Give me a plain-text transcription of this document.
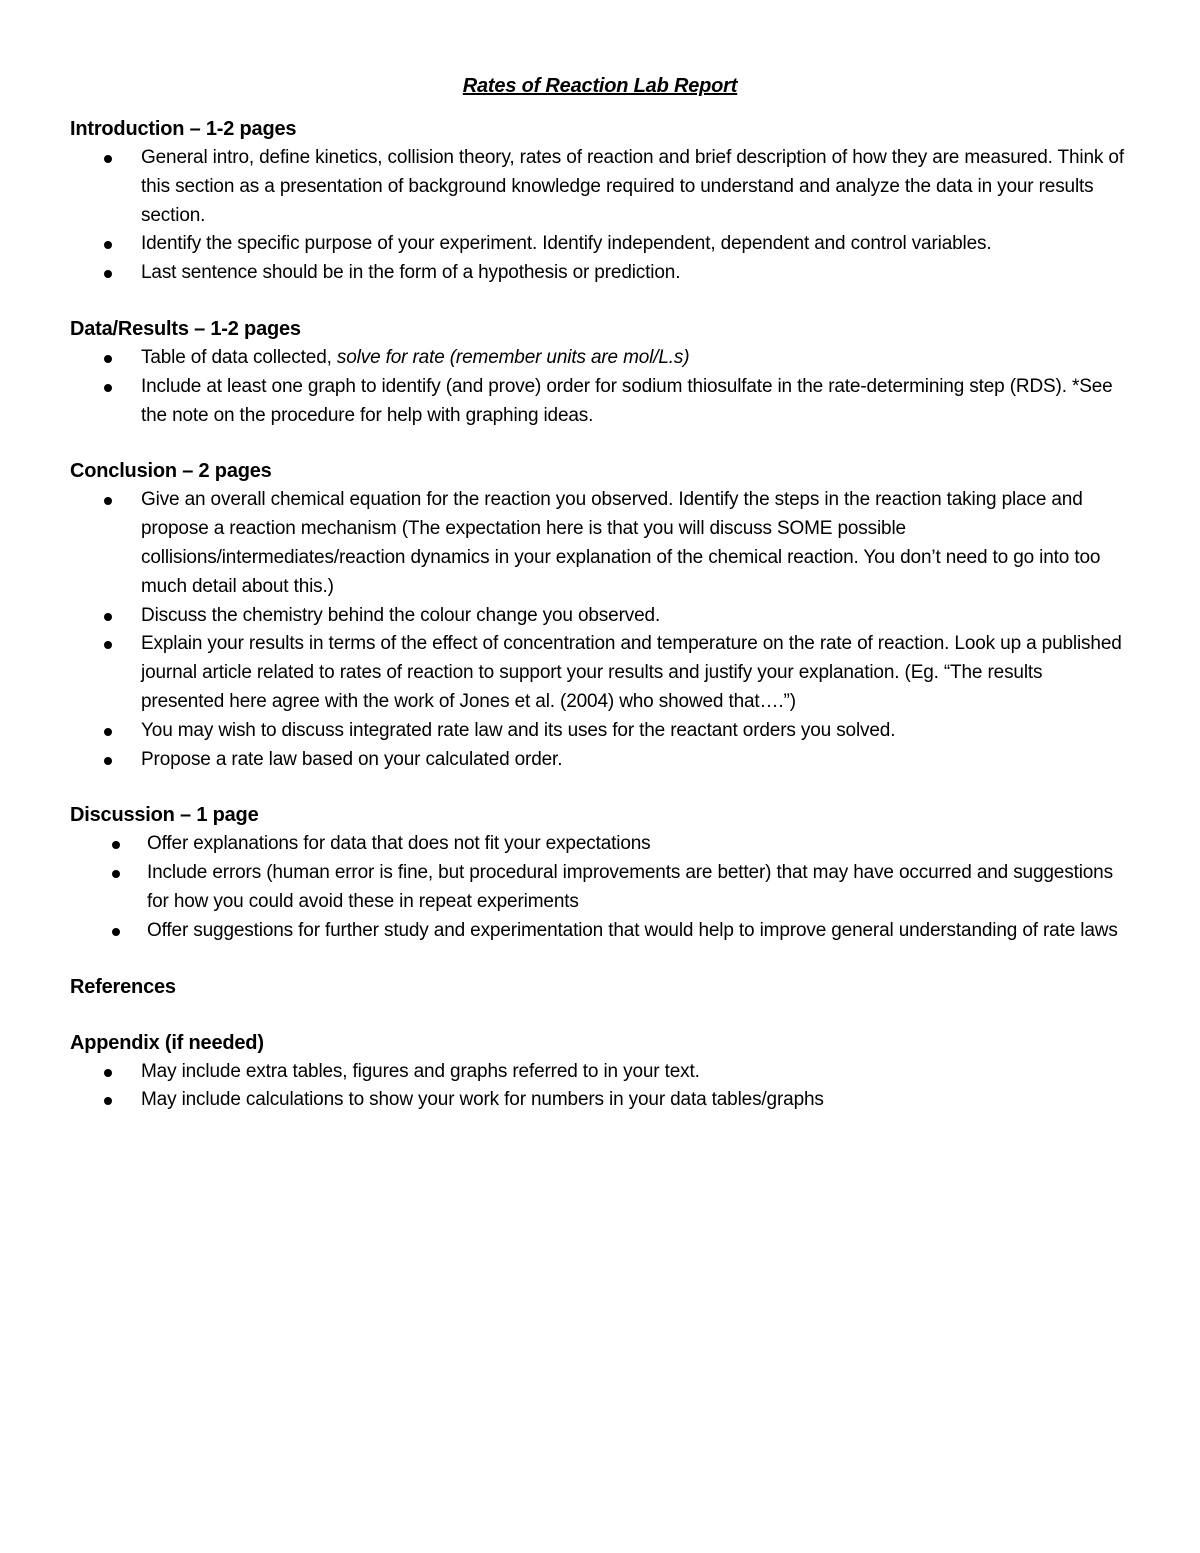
Rates of Reaction Lab Report
Introduction – 1-2 pages
General intro, define kinetics, collision theory, rates of reaction and brief description of how they are measured. Think of this section as a presentation of background knowledge required to understand and analyze the data in your results section.
Identify the specific purpose of your experiment. Identify independent, dependent and control variables.
Last sentence should be in the form of a hypothesis or prediction.
Data/Results – 1-2 pages
Table of data collected, solve for rate (remember units are mol/L.s)
Include at least one graph to identify (and prove) order for sodium thiosulfate in the rate-determining step (RDS). *See the note on the procedure for help with graphing ideas.
Conclusion – 2 pages
Give an overall chemical equation for the reaction you observed. Identify the steps in the reaction taking place and propose a reaction mechanism (The expectation here is that you will discuss SOME possible collisions/intermediates/reaction dynamics in your explanation of the chemical reaction. You don’t need to go into too much detail about this.)
Discuss the chemistry behind the colour change you observed.
Explain your results in terms of the effect of concentration and temperature on the rate of reaction. Look up a published journal article related to rates of reaction to support your results and justify your explanation. (Eg. “The results presented here agree with the work of Jones et al. (2004) who showed that….”)
You may wish to discuss integrated rate law and its uses for the reactant orders you solved.
Propose a rate law based on your calculated order.
Discussion – 1 page
Offer explanations for data that does not fit your expectations
Include errors (human error is fine, but procedural improvements are better) that may have occurred and suggestions for how you could avoid these in repeat experiments
Offer suggestions for further study and experimentation that would help to improve general understanding of rate laws
References
Appendix (if needed)
May include extra tables, figures and graphs referred to in your text.
May include calculations to show your work for numbers in your data tables/graphs
